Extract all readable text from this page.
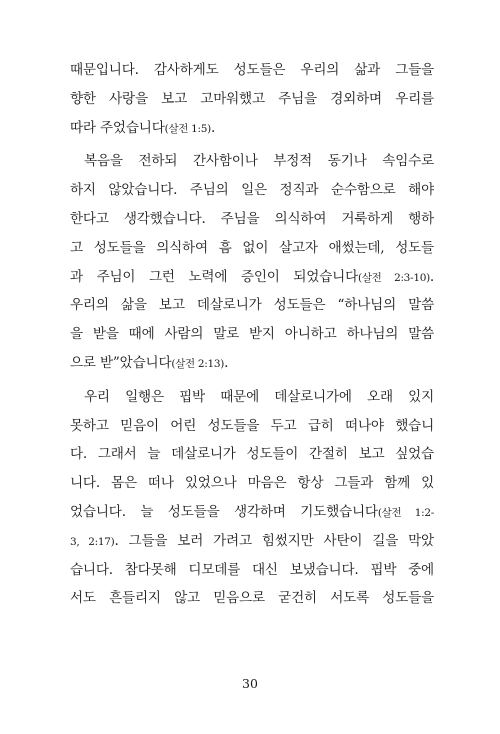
때문입니다. 감사하게도 성도들은 우리의 삶과 그들을
향한 사랑을 보고 고마워했고 주님을 경외하며 우리를
따라 주었습니다(살전 1:5).
복음을 전하되 간사함이나 부정적 동기나 속임수로
하지 않았습니다. 주님의 일은 정직과 순수함으로 해야
한다고 생각했습니다. 주님을 의식하여 거룩하게 행하
고 성도들을 의식하여 흠 없이 살고자 애썼는데, 성도들
과 주님이 그런 노력에 증인이 되었습니다(살전 2:3-10).
우리의 삶을 보고 데살로니가 성도들은 “하나님의 말씀
을 받을 때에 사람의 말로 받지 아니하고 하나님의 말씀
으로 받”았습니다(살전 2:13).
우리 일행은 핍박 때문에 데살로니가에 오래 있지
못하고 믿음이 어린 성도들을 두고 급히 떠나야 했습니
다. 그래서 늘 데살로니가 성도들이 간절히 보고 싶었습
니다. 몸은 떠나 있었으나 마음은 항상 그들과 함께 있
었습니다. 늘 성도들을 생각하며 기도했습니다(살전 1:2-
3, 2:17). 그들을 보러 가려고 힘썼지만 사탄이 길을 막았
습니다. 참다못해 디모데를 대신 보냈습니다. 핍박 중에
서도 흔들리지 않고 믿음으로 굳건히 서도록 성도들을
30
